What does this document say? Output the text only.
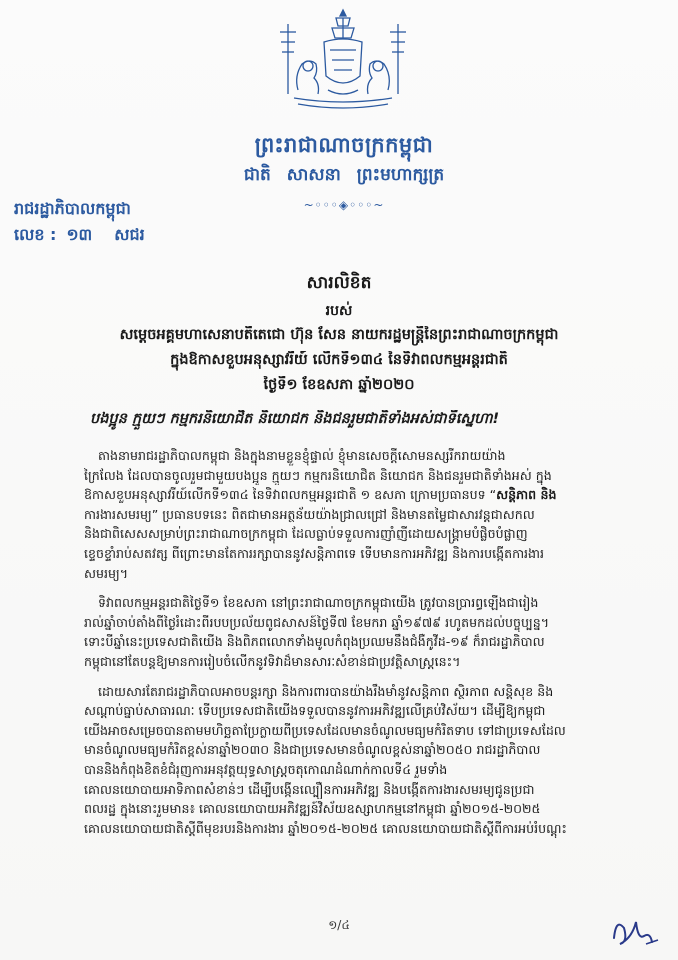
ព្រះរាជាណាចក្រកម្ពុជា
ជាតិ សាសនា ព្រះមហាក្សត្រ
~◦◦◦◈◦◦◦~
រាជរដ្ឋាភិបាលកម្ពុជា
លេខ : ១៣ សជរ
សារលិខិត
របស់
សម្តេចអគ្គមហាសេនាបតីតេជោ ហ៊ុន សែន នាយករដ្ឋមន្ត្រីនៃព្រះរាជាណាចក្រកម្ពុជា
ក្នុងឱកាសខួបអនុស្សាវរីយ៍ លើកទី១៣៤ នៃទិវាពលកម្មអន្តរជាតិ
ថ្ងៃទី១ ខែឧសភា ឆ្នាំ២០២០
បងប្អូន ក្មួយៗ កម្មករនិយោជិត និយោជក និងជនរួមជាតិទាំងអស់ជាទីស្នេហា!
តាងនាមរាជរដ្ឋាភិបាលកម្ពុជា និងក្នុងនាមខ្លួនខ្ញុំផ្ទាល់ ខ្ញុំមានសេចក្តីសោមនស្សរីករាយយ៉ាង
ក្រៃលែង ដែលបានចូលរួមជាមួយបងប្អូន ក្មួយៗ កម្មករនិយោជិត និយោជក និងជនរួមជាតិទាំងអស់ ក្នុង
ឱកាសខួបអនុស្សាវរីយ៍លើកទី១៣៤ នៃទិវាពលកម្មអន្តរជាតិ ១ ឧសភា ក្រោមប្រធានបទ “សន្តិភាព និង
ការងារសមរម្យ” ប្រធានបទនេះ ពិតជាមានអត្ថន័យយ៉ាងជ្រាលជ្រៅ និងមានតម្លៃជាសារវន្តជាសកល
និងជាពិសេសសម្រាប់ព្រះរាជាណាចក្រកម្ពុជា ដែលធ្លាប់ទទួលការញាំញីដោយសង្គ្រាមបំផ្លិចបំផ្លាញ
ខ្ទេចខ្ទាំរាប់សតវត្ស ពីព្រោះមានតែការរក្សាបាននូវសន្តិភាពទេ ទើបមានការអភិវឌ្ឍ និងការបង្កើតការងារ
សមរម្យ។
ទិវាពលកម្មអន្តរជាតិថ្ងៃទី១ ខែឧសភា នៅព្រះរាជាណាចក្រកម្ពុជាយើង ត្រូវបានប្រារព្ធឡើងជារៀង
រាល់ឆ្នាំចាប់តាំងពីថ្ងៃរំដោះពីរបបប្រល័យពូជសាសន៍ថ្ងៃទី៧ ខែមករា ឆ្នាំ១៩៧៩ រហូតមកដល់បច្ចុប្បន្ន។
ទោះបីឆ្នាំនេះប្រទេសជាតិយើង និងពិភពលោកទាំងមូលកំពុងប្រឈមនឹងជំងឺកូវីដ-១៩ ក៏រាជរដ្ឋាភិបាល
កម្ពុជានៅតែបន្តឱ្យមានការរៀបចំលើកនូវទិវាដ៏មានសារៈសំខាន់ជាប្រវត្តិសាស្ត្រនេះ។
ដោយសារតែរាជរដ្ឋាភិបាលអាចបន្តរក្សា និងការពារបានយ៉ាងរឹងមាំនូវសន្តិភាព ស្ថិរភាព សន្តិសុខ និង
សណ្តាប់ធ្នាប់សាធារណៈ ទើបប្រទេសជាតិយើងទទួលបាននូវការអភិវឌ្ឍលើគ្រប់វិស័យ។ ដើម្បីឱ្យកម្ពុជា
យើងអាចសម្រេចបានតាមមហិច្ឆតាប្រែក្លាយពីប្រទេសដែលមានចំណូលមធ្យមកំរិតទាប ទៅជាប្រទេសដែល
មានចំណូលមធ្យមកំរិតខ្ពស់នាឆ្នាំ២០៣០ និងជាប្រទេសមានចំណូលខ្ពស់នាឆ្នាំ២០៥០ រាជរដ្ឋាភិបាល
បាននិងកំពុងខិតខំជំរុញការអនុវត្តយុទ្ធសាស្ត្រចតុកោណដំណាក់កាលទី៤ រួមទាំង
គោលនយោបាយអាទិភាពសំខាន់ៗ ដើម្បីបង្កើនល្បឿនការអភិវឌ្ឍ និងបង្កើតការងារសមរម្យជូនប្រជា
ពលរដ្ឋ ក្នុងនោះរួមមាន៖ គោលនយោបាយអភិវឌ្ឍន៍វិស័យឧស្សាហកម្មនៅកម្ពុជា ឆ្នាំ២០១៥-២០២៥
គោលនយោបាយជាតិស្តីពីមុខរបរនិងការងារ ឆ្នាំ២០១៥-២០២៥ គោលនយោបាយជាតិស្តីពីការអប់រំបណ្តុះ
១/៤
